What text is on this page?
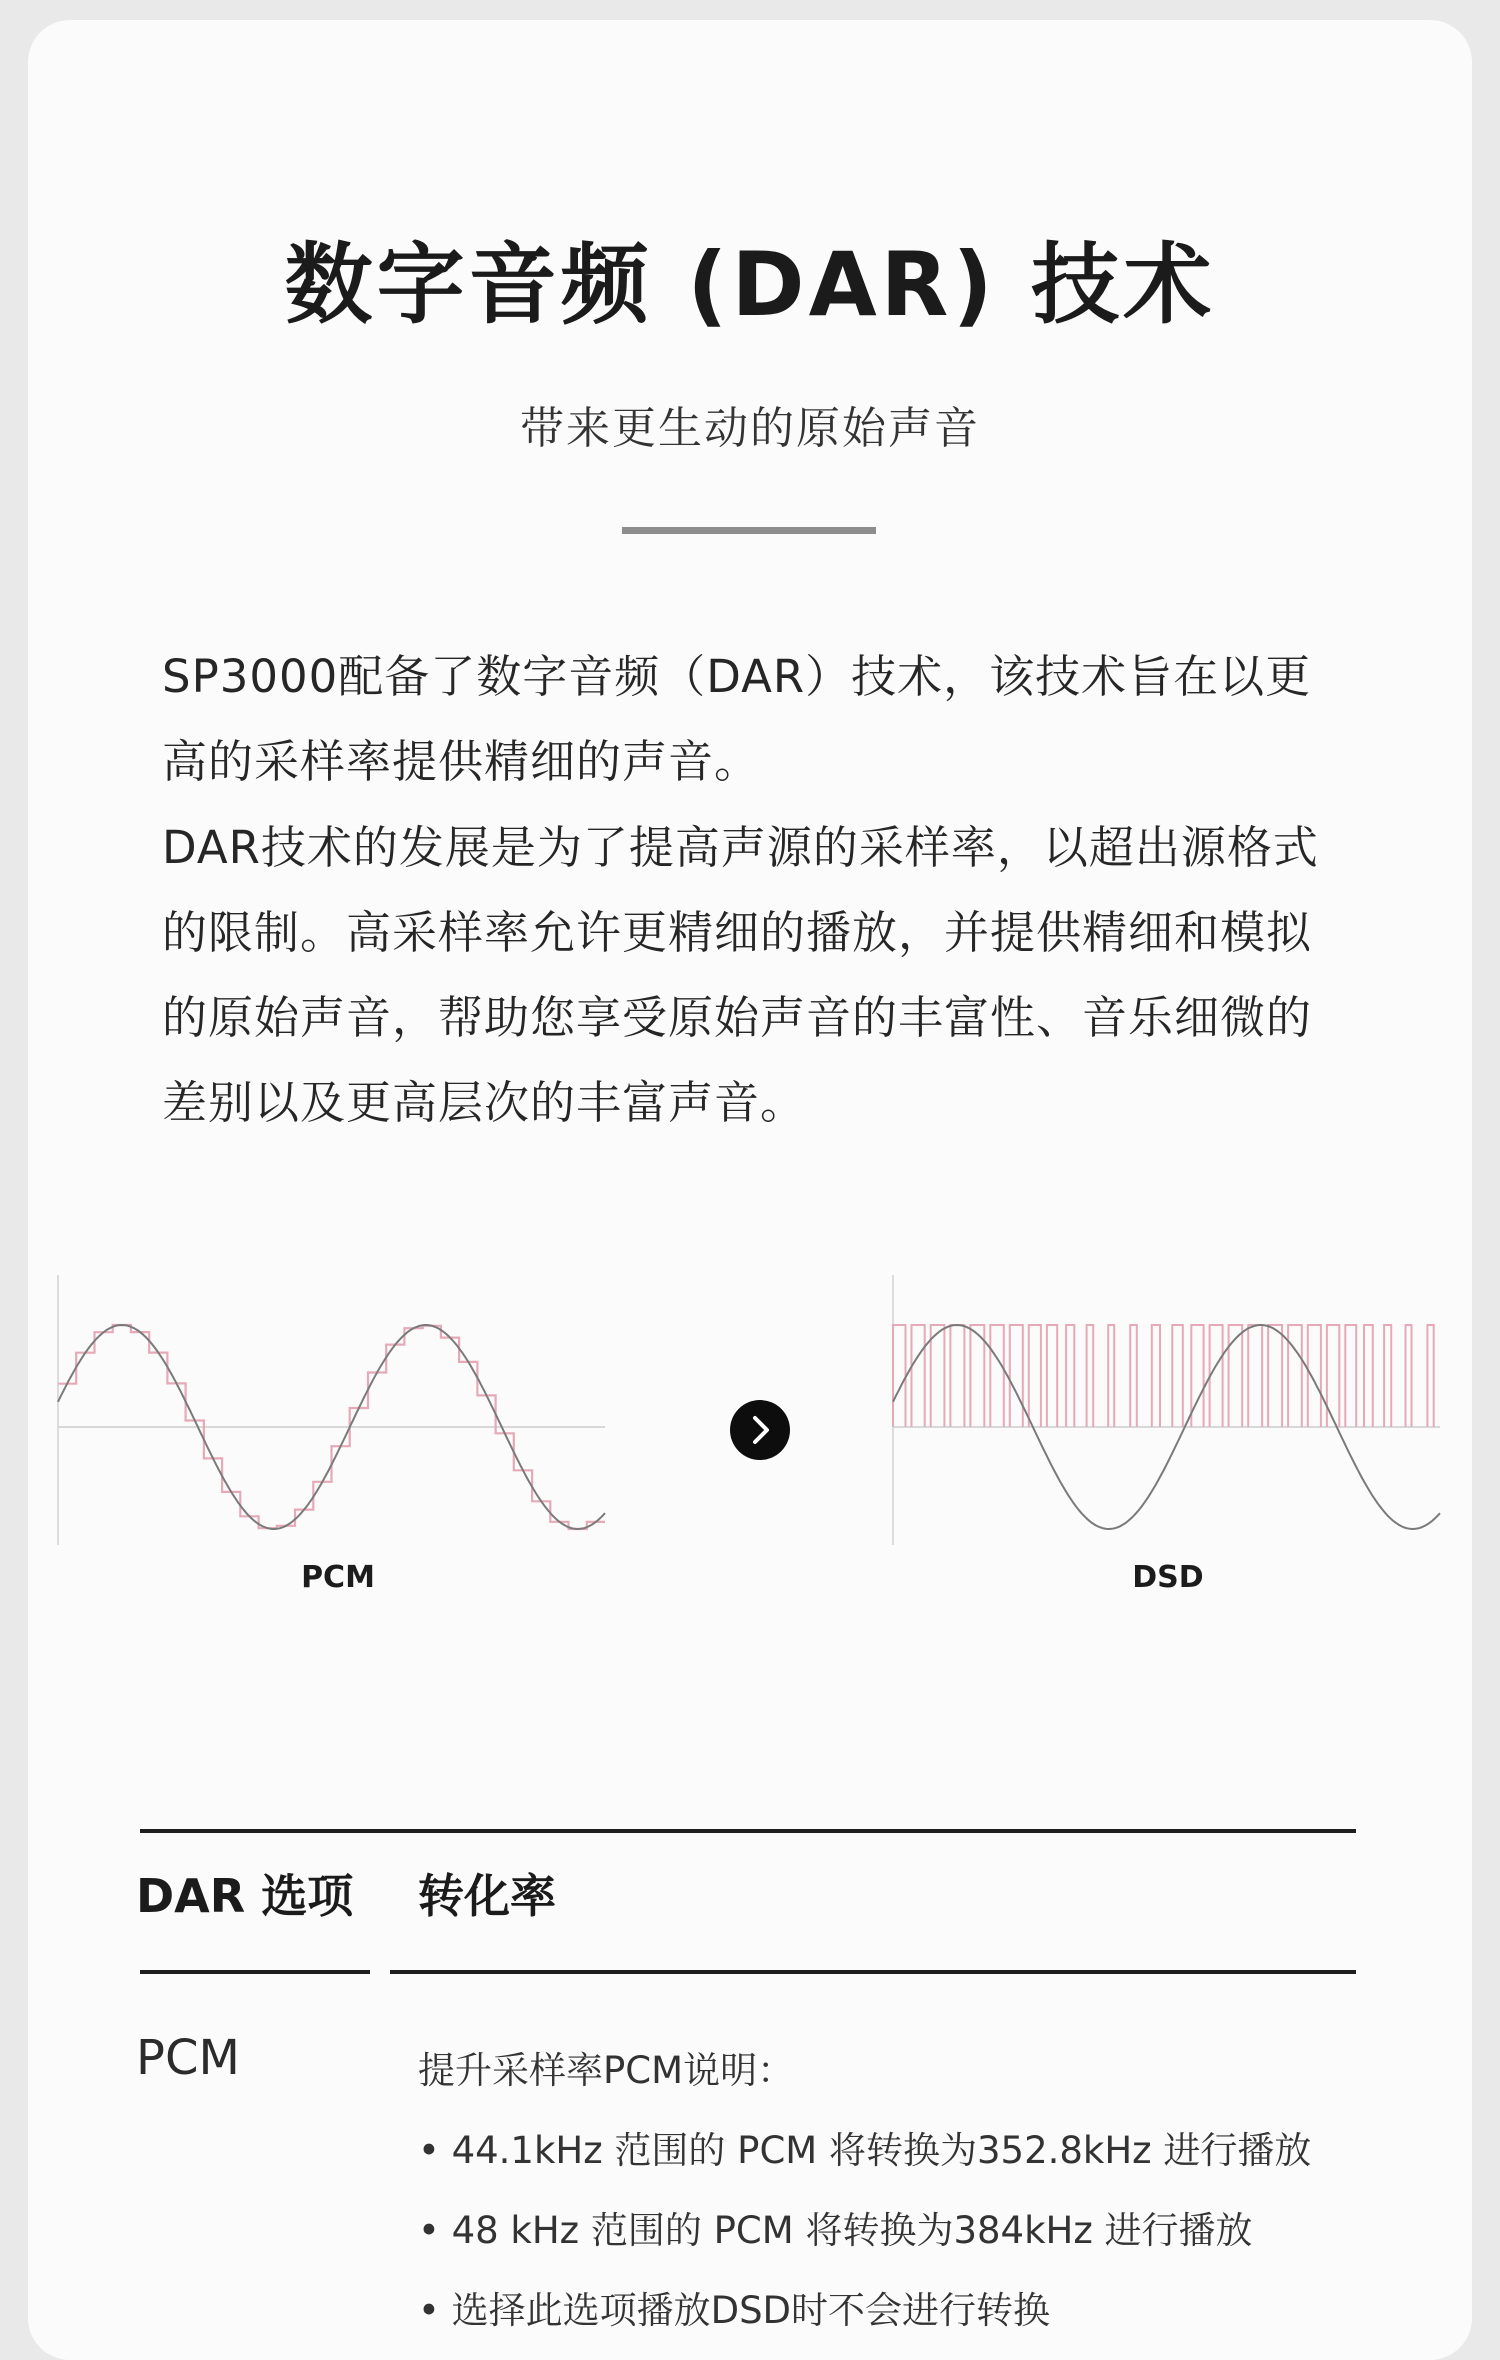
数字音频 (DAR) 技术
带来更生动的原始声音
SP3000配备了数字音频（DAR）技术，该技术旨在以更高的采样率提供精细的声音。
DAR技术的发展是为了提高声源的采样率，以超出源格式的限制。高采样率允许更精细的播放，并提供精细和模拟的原始声音，帮助您享受原始声音的丰富性、音乐细微的差别以及更高层次的丰富声音。
PCM	DSD
DAR 选项 转化率
PCM	提升采样率PCM说明：
• 44.1kHz 范围的 PCM 将转换为352.8kHz 进行播放
• 48 kHz 范围的 PCM 将转换为384kHz 进行播放
• 选择此选项播放DSD时不会进行转换
